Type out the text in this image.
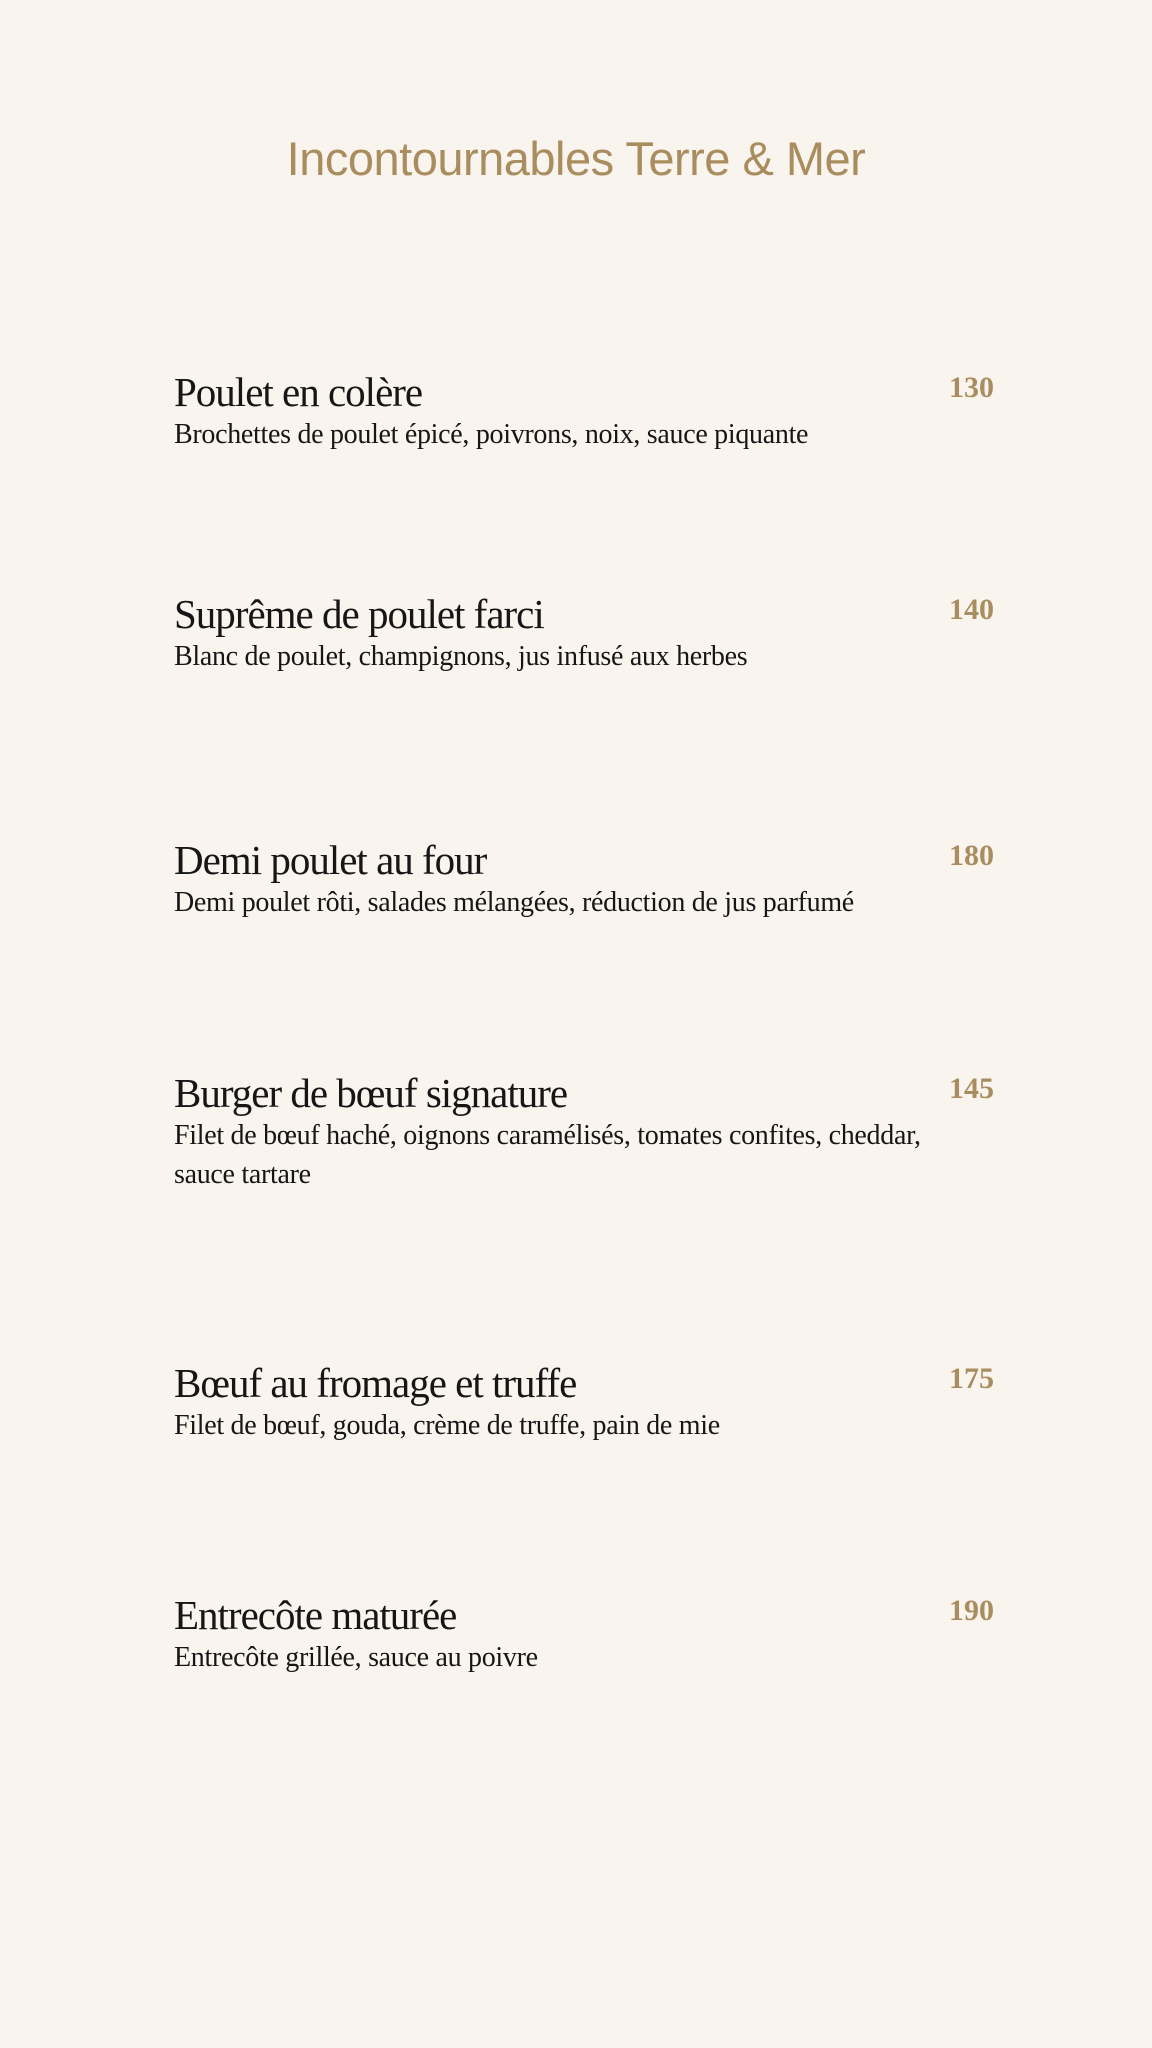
Incontournables Terre & Mer
Poulet en colère
Brochettes de poulet épicé, poivrons, noix, sauce piquante
130
Suprême de poulet farci
Blanc de poulet, champignons, jus infusé aux herbes
140
Demi poulet au four
Demi poulet rôti, salades mélangées, réduction de jus parfumé
180
Burger de bœuf signature
Filet de bœuf haché, oignons caramélisés, tomates confites, cheddar, sauce tartare
145
Bœuf au fromage et truffe
Filet de bœuf, gouda, crème de truffe, pain de mie
175
Entrecôte maturée
Entrecôte grillée, sauce au poivre
190
